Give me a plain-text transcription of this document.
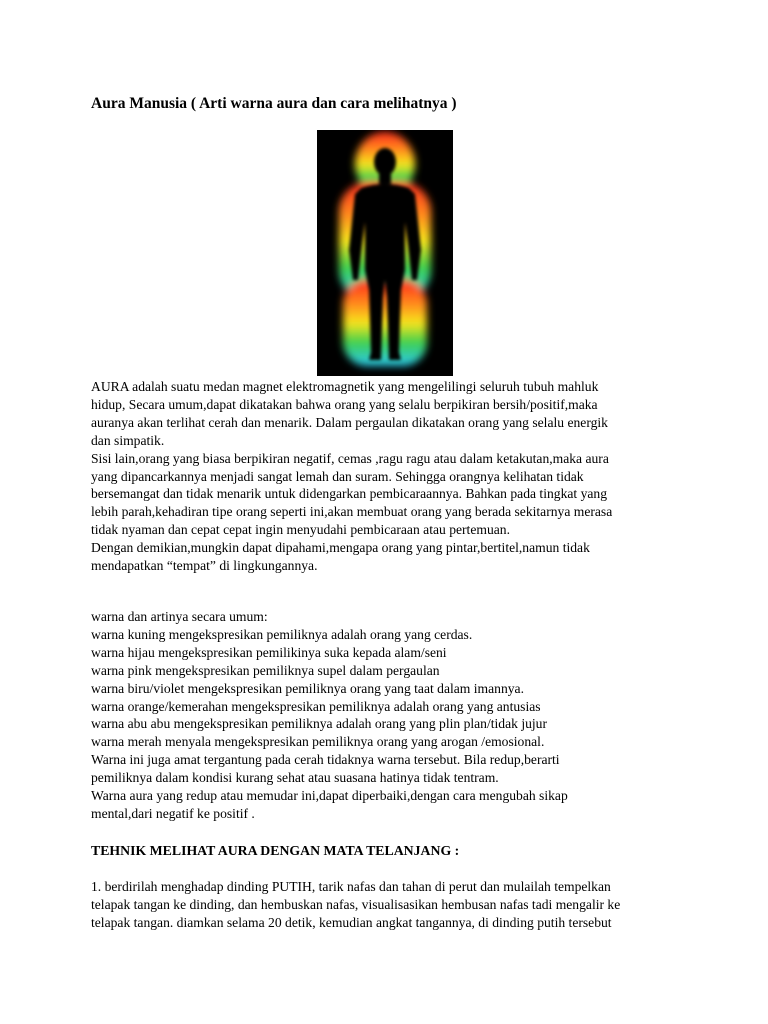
Aura Manusia ( Arti warna aura dan cara melihatnya )
AURA adalah suatu medan magnet elektromagnetik yang mengelilingi seluruh tubuh mahluk
hidup, Secara umum,dapat dikatakan bahwa orang yang selalu berpikiran bersih/positif,maka
auranya akan terlihat cerah dan menarik. Dalam pergaulan dikatakan orang yang selalu energik
dan simpatik.
Sisi lain,orang yang biasa berpikiran negatif, cemas ,ragu ragu atau dalam ketakutan,maka aura
yang dipancarkannya menjadi sangat lemah dan suram. Sehingga orangnya kelihatan tidak
bersemangat dan tidak menarik untuk didengarkan pembicaraannya. Bahkan pada tingkat yang
lebih parah,kehadiran tipe orang seperti ini,akan membuat orang yang berada sekitarnya merasa
tidak nyaman dan cepat cepat ingin menyudahi pembicaraan atau pertemuan.
Dengan demikian,mungkin dapat dipahami,mengapa orang yang pintar,bertitel,namun tidak
mendapatkan “tempat” di lingkungannya.
warna dan artinya secara umum:
warna kuning mengekspresikan pemiliknya adalah orang yang cerdas.
warna hijau mengekspresikan pemilikinya suka kepada alam/seni
warna pink mengekspresikan pemiliknya supel dalam pergaulan
warna biru/violet mengekspresikan pemiliknya orang yang taat dalam imannya.
warna orange/kemerahan mengekspresikan pemiliknya adalah orang yang antusias
warna abu abu mengekspresikan pemiliknya adalah orang yang plin plan/tidak jujur
warna merah menyala mengekspresikan pemiliknya orang yang arogan /emosional.
Warna ini juga amat tergantung pada cerah tidaknya warna tersebut. Bila redup,berarti
pemiliknya dalam kondisi kurang sehat atau suasana hatinya tidak tentram.
Warna aura yang redup atau memudar ini,dapat diperbaiki,dengan cara mengubah sikap
mental,dari negatif ke positif .
TEHNIK MELIHAT AURA DENGAN MATA TELANJANG :
1. berdirilah menghadap dinding PUTIH, tarik nafas dan tahan di perut dan mulailah tempelkan
telapak tangan ke dinding, dan hembuskan nafas, visualisasikan hembusan nafas tadi mengalir ke
telapak tangan. diamkan selama 20 detik, kemudian angkat tangannya, di dinding putih tersebut
